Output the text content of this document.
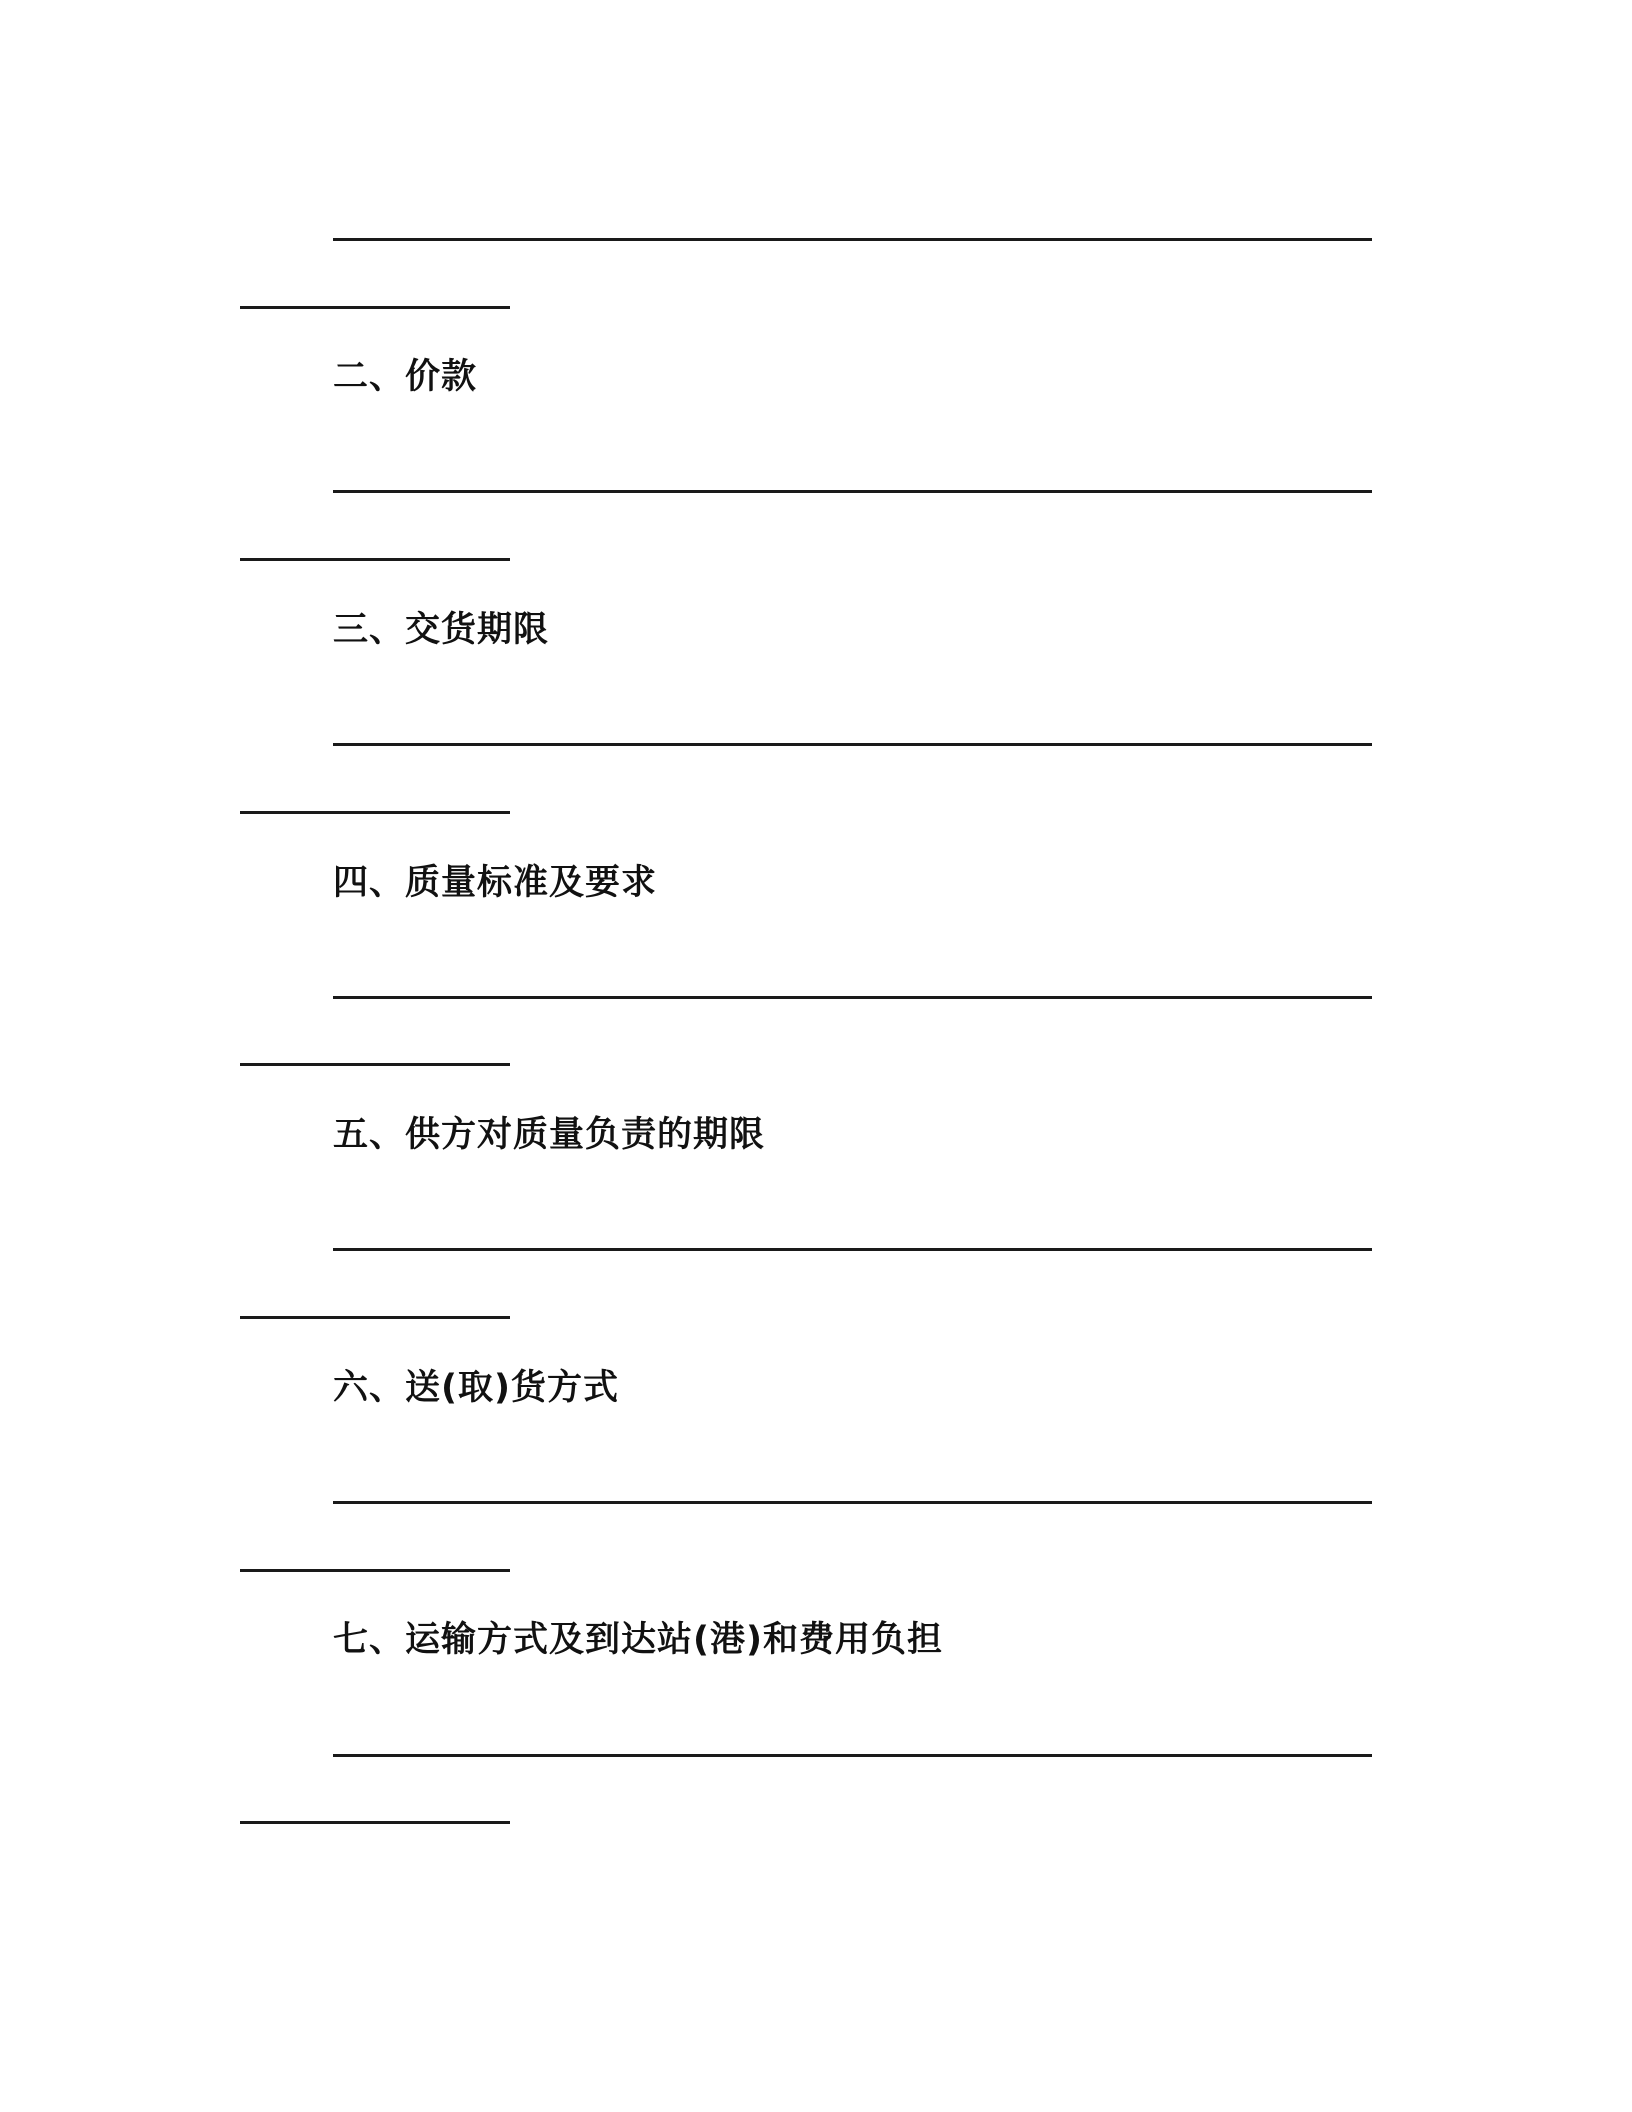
二、价款
三、交货期限
四、质量标准及要求
五、供方对质量负责的期限
六、送(取)货方式
七、运输方式及到达站(港)和费用负担
